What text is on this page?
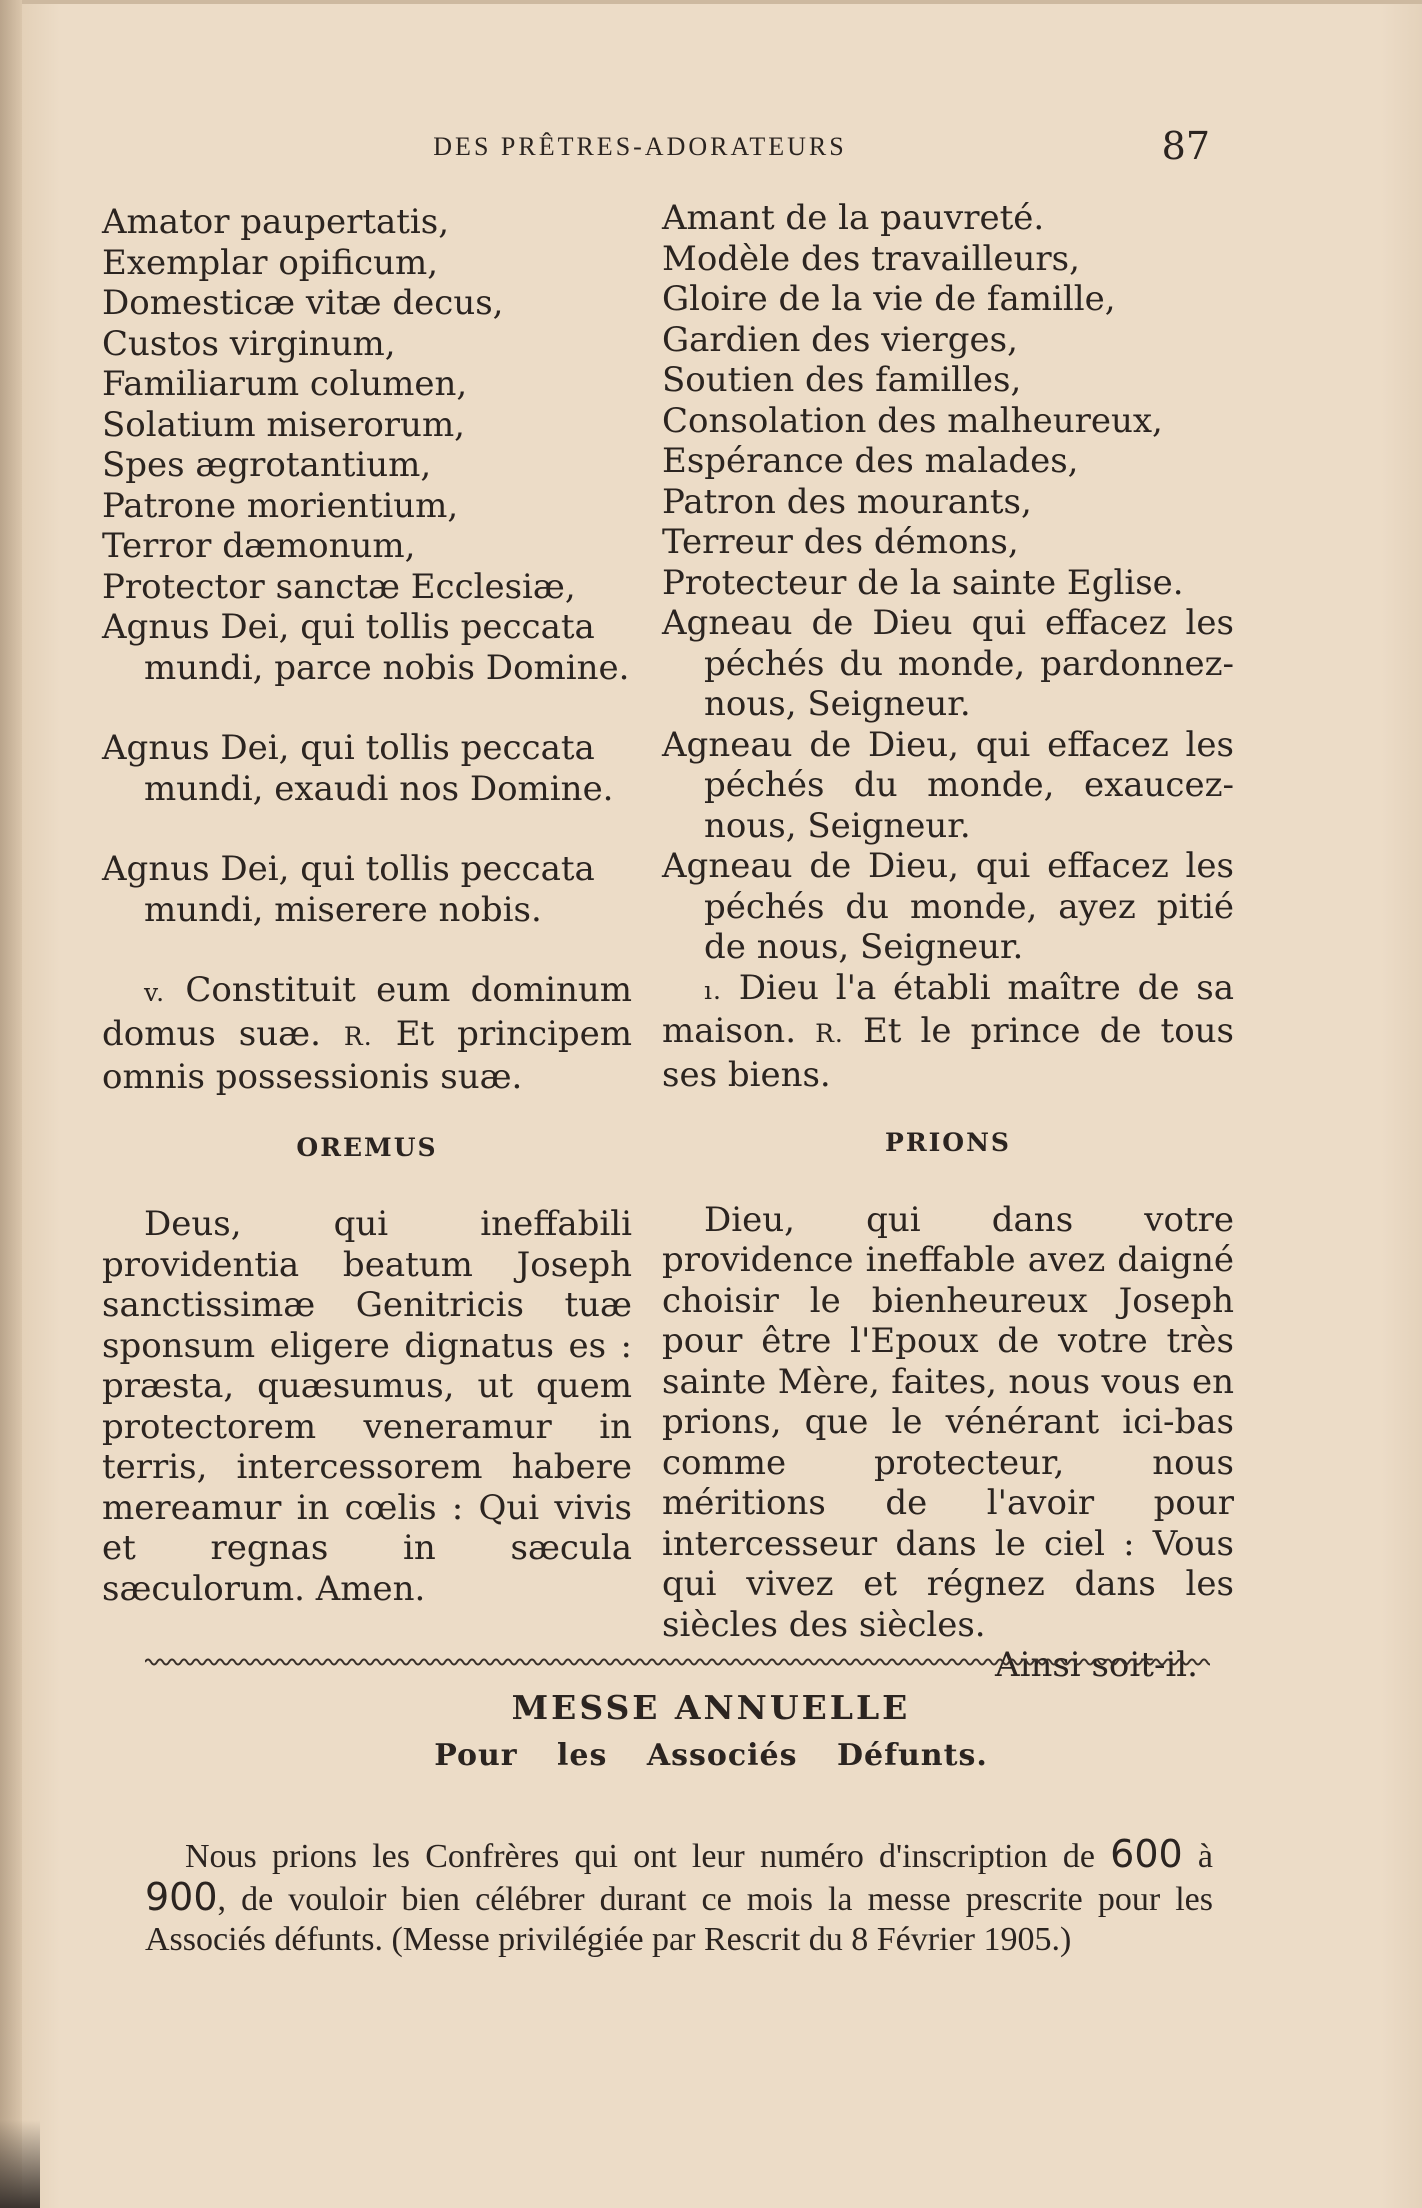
DES PRÊTRES-ADORATEURS	87

Amator paupertatis,

Exemplar opificum,

Domesticæ vitæ decus,

Custos virginum,

Familiarum columen,

Solatium miserorum,

Spes ægrotantium,

Patrone morientium,

Terror dæmonum,

Protector sanctæ Ecclesiæ,

Agnus Dei, qui tollis peccata mundi, parce nobis Domine.

Agnus Dei, qui tollis peccata mundi, exaudi nos Domine.

Agnus Dei, qui tollis peccata mundi, miserere nobis.

v. Constituit eum dominum domus suæ. R. Et principem omnis possessionis suæ.

OREMUS

Deus, qui ineffabili providentia beatum Joseph sanctissimæ Genitricis tuæ sponsum eligere dignatus es : præsta, quæsumus, ut quem protectorem veneramur in terris, intercessorem habere mereamur in cœlis : Qui vivis et regnas in sæcula sæculorum. Amen.

Amant de la pauvreté.

Modèle des travailleurs,

Gloire de la vie de famille,

Gardien des vierges,

Soutien des familles,

Consolation des malheureux,

Espérance des malades,

Patron des mourants,

Terreur des démons,

Protecteur de la sainte Eglise.

Agneau de Dieu qui effacez les péchés du monde, pardonnez-nous, Seigneur.

Agneau de Dieu, qui effacez les péchés du monde, exaucez-nous, Seigneur.

Agneau de Dieu, qui effacez les péchés du monde, ayez pitié de nous, Seigneur.

ı. Dieu l'a établi maître de sa maison. R. Et le prince de tous ses biens.

PRIONS

Dieu, qui dans votre providence ineffable avez daigné choisir le bienheureux Joseph pour être l'Epoux de votre très sainte Mère, faites, nous vous en prions, que le vénérant ici-bas comme protecteur, nous méritions de l'avoir pour intercesseur dans le ciel : Vous qui vivez et régnez dans les siècles des siècles.

Ainsi soit-il.

MESSE ANNUELLE
Pour les Associés Défunts.

Nous prions les Confrères qui ont leur numéro d'inscription de 600 à 900, de vouloir bien célébrer durant ce mois la messe prescrite pour les Associés défunts. (Messe privilégiée par Rescrit du 8 Février 1905.)
